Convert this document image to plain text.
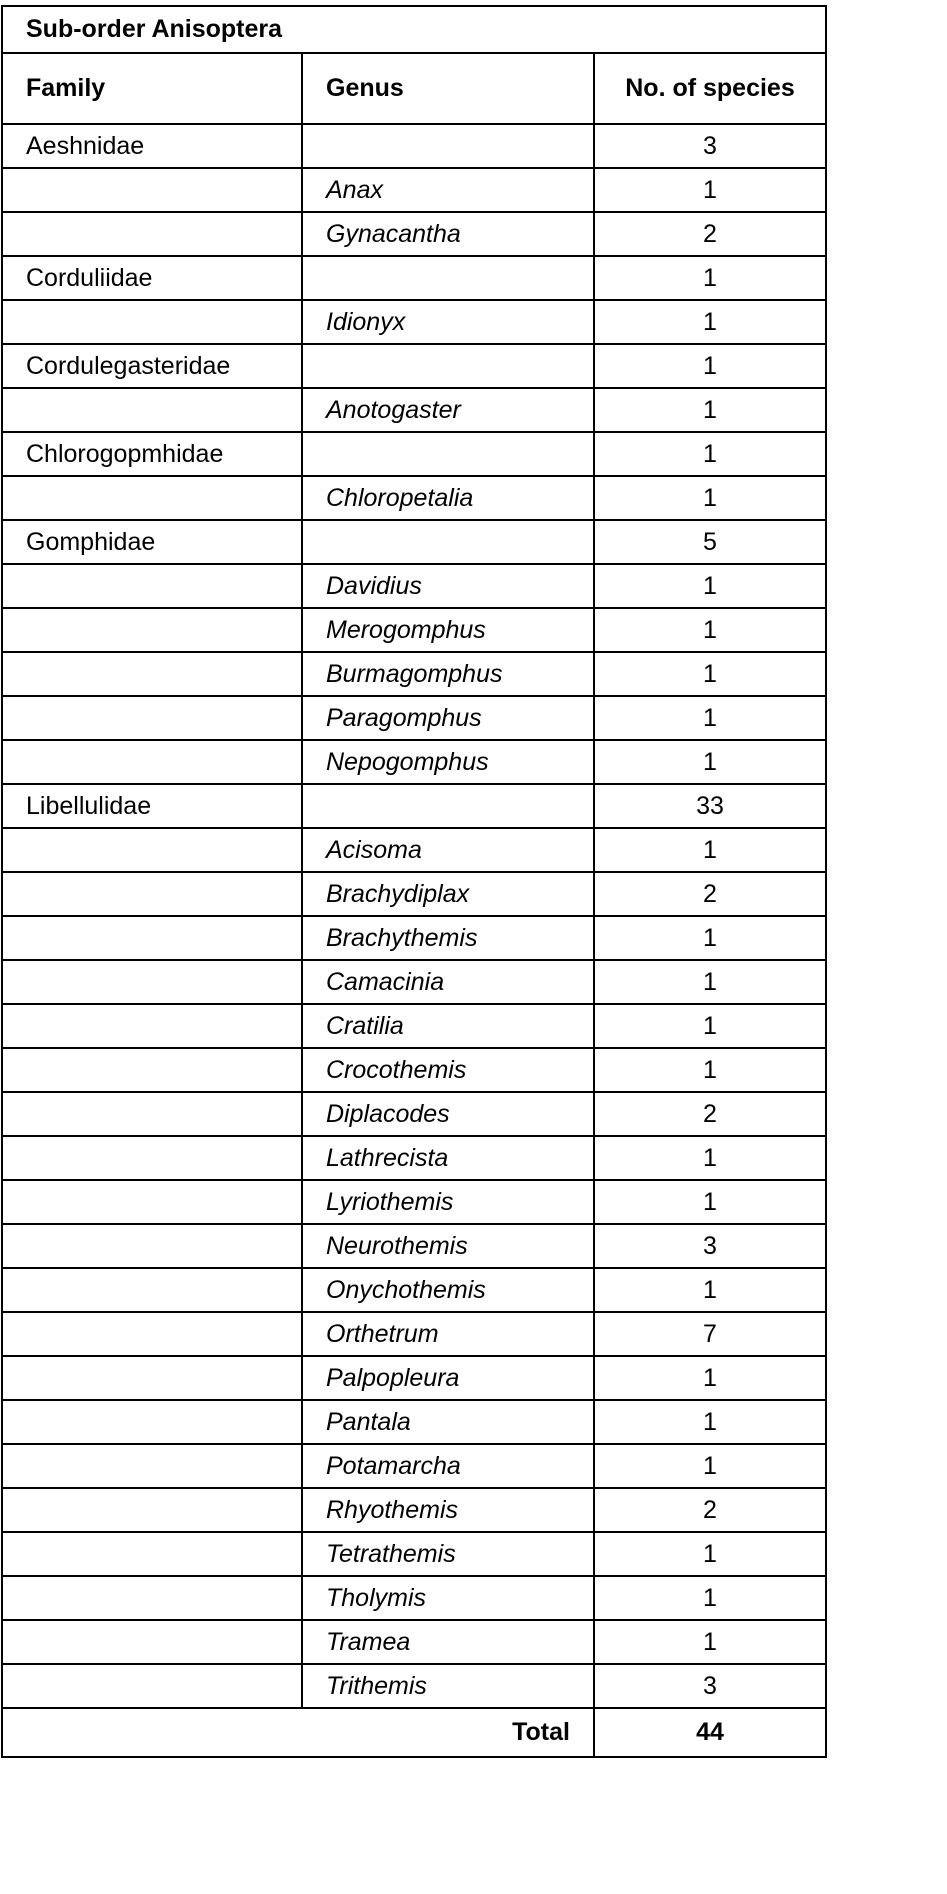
Sub-order Anisoptera		
Family	Genus	No. of species
Aeshnidae		3
	Anax	1
	Gynacantha	2
Corduliidae		1
	Idionyx	1
Cordulegasteridae		1
	Anotogaster	1
Chlorogopmhidae		1
	Chloropetalia	1
Gomphidae		5
	Davidius	1
	Merogomphus	1
	Burmagomphus	1
	Paragomphus	1
	Nepogomphus	1
Libellulidae		33
	Acisoma	1
	Brachydiplax	2
	Brachythemis	1
	Camacinia	1
	Cratilia	1
	Crocothemis	1
	Diplacodes	2
	Lathrecista	1
	Lyriothemis	1
	Neurothemis	3
	Onychothemis	1
	Orthetrum	7
	Palpopleura	1
	Pantala	1
	Potamarcha	1
	Rhyothemis	2
	Tetrathemis	1
	Tholymis	1
	Tramea	1
	Trithemis	3
Total		44
